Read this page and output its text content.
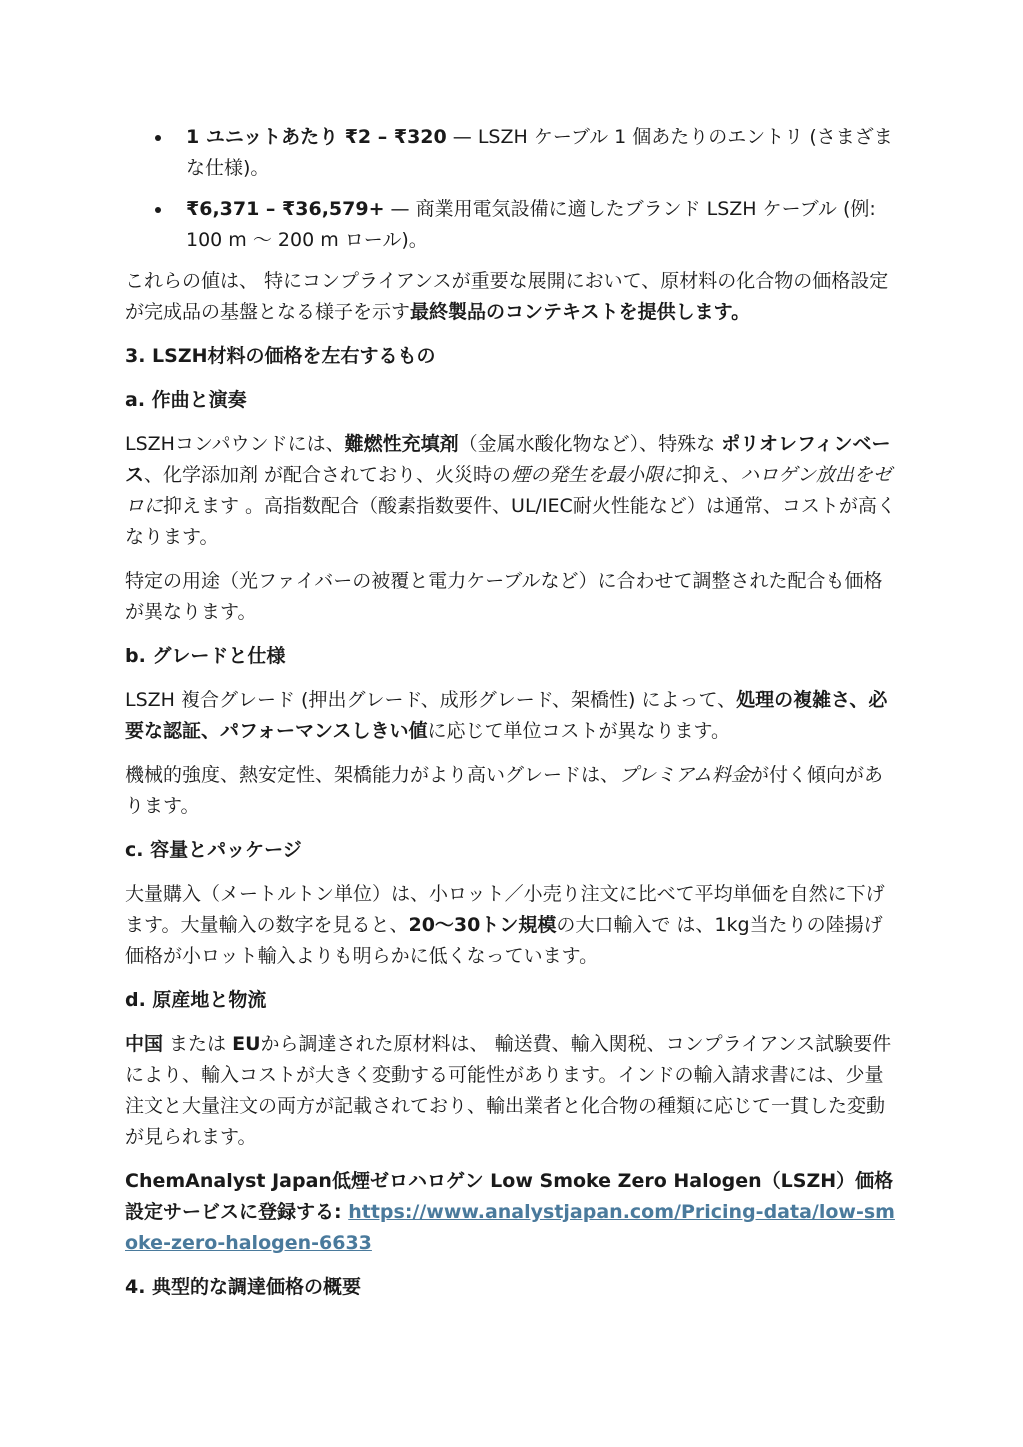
1 ユニットあたり ₹2 – ₹320 — LSZH ケーブル 1 個あたりのエントリ (さまざまな仕様)。
₹6,371 – ₹36,579+ — 商業用電気設備に適したブランド LSZH ケーブル (例: 100 m 〜 200 m ロール)。

これらの値は、 特にコンプライアンスが重要な展開において、原材料の化合物の価格設定が完成品の基盤となる様子を示す最終製品のコンテキストを提供します。

3. LSZH材料の価格を左右するもの
a. 作曲と演奏

LSZHコンパウンドには、難燃性充填剤（金属水酸化物など）、特殊な ポリオレフィンベース、化学添加剤 が配合されており、火災時の煙の発生を最小限に抑え、ハロゲン放出をゼロに抑えます 。高指数配合（酸素指数要件、UL/IEC耐火性能など）は通常、コストが高くなります。

特定の用途（光ファイバーの被覆と電力ケーブルなど）に合わせて調整された配合も価格が異なります。

b. グレードと仕様

LSZH 複合グレード (押出グレード、成形グレード、架橋性) によって、処理の複雑さ、必要な認証、パフォーマンスしきい値に応じて単位コストが異なります。

機械的強度、熱安定性、架橋能力がより高いグレードは、プレミアム料金が付く傾向があります。

c. 容量とパッケージ

大量購入（メートルトン単位）は、小ロット／小売り注文に比べて平均単価を自然に下げます。大量輸入の数字を見ると、20〜30トン規模の大口輸入で は、1kg当たりの陸揚げ価格が小ロット輸入よりも明らかに低くなっています。

d. 原産地と物流

中国 または EUから調達された原材料は、 輸送費、輸入関税、コンプライアンス試験要件により、輸入コストが大きく変動する可能性があります。インドの輸入請求書には、少量注文と大量注文の両方が記載されており、輸出業者と化合物の種類に応じて一貫した変動が見られます。

ChemAnalyst Japan低煙ゼロハロゲン Low Smoke Zero Halogen（LSZH）価格設定サービスに登録する: https://www.analystjapan.com/Pricing-data/low-smoke-zero-halogen-6633

4. 典型的な調達価格の概要
